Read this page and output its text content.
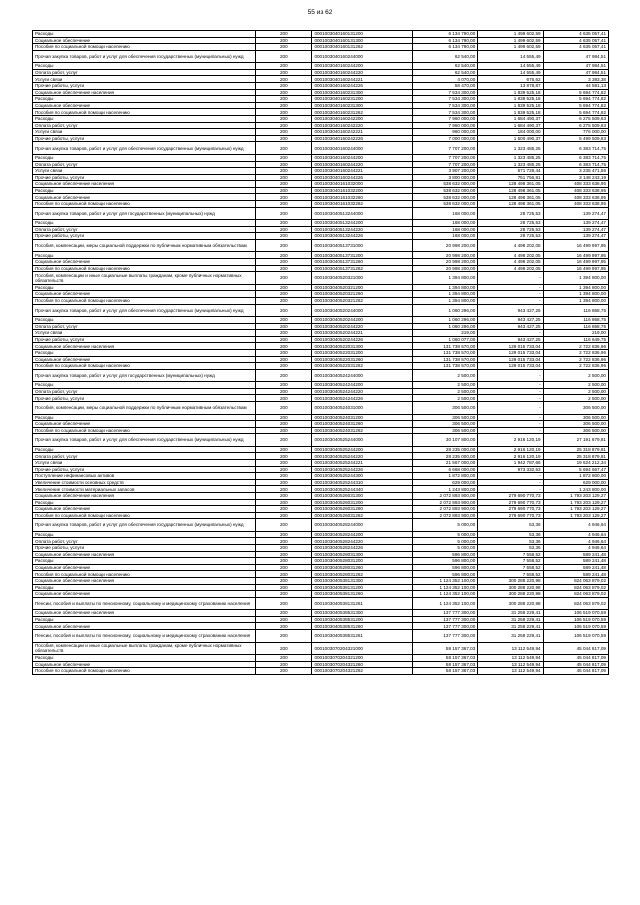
55 из 62
Расходы	200	0001003040160131200	6 134 790,00	1 499 602,59	4 635 057,41
Социальное обеспечение	200	0001003040160131300	6 134 790,00	1 499 602,59	4 635 057,41
Пособия по социальной помощи населению	200	0001003040160131262	6 134 790,00	1 499 602,59	4 635 057,41
Прочая закупка товаров, работ и услуг для обеспечения государственных (муниципальных) нужд	200	0001003040160244000	62 540,00	14 555,49	47 984,51
Расходы	200	0001003040160244200	62 540,00	14 555,49	47 984,51
Оплата работ, услуг	200	0001003040160244220	62 540,00	14 555,49	47 984,51
Услуги связи	200	0001003040160244221	4 070,00	676,62	3 393,38
Прочие работы, услуги	200	0001003040160244226	58 470,00	13 878,87	44 591,13
Социальное обеспечение населения	200	0001003040160231300	7 534 300,00	1 839 525,18	5 694 774,82
Расходы	200	0001003040160231200	7 534 300,00	1 839 525,18	5 694 774,82
Социальное обеспечение	200	0001003040160231300	7 534 300,00	1 839 525,18	5 694 774,82
Пособия по социальной помощи населению	200	0001003040160231262	7 534 300,00	1 839 525,18	5 694 774,82
Расходы	200	0001003040160242200	7 960 000,00	1 684 490,37	6 275 509,63
Оплата работ, услуг	200	0001003040160242220	7 960 000,00	1 684 490,37	6 275 509,63
Услуги связи	200	0001003040160242221	960 000,00	184 000,00	776 000,00
Прочие работы, услуги	200	0001003040160242226	7 000 000,00	1 500 490,37	5 499 509,63
Прочая закупка товаров, работ и услуг для обеспечения государственных (муниципальных) нужд	200	0001003040160244000	7 707 200,00	1 323 485,25	6 383 714,75
Расходы	200	0001003040160244200	7 707 200,00	1 323 485,25	6 383 714,75
Оплата работ, услуг	200	0001003040160244220	7 707 200,00	1 323 485,25	6 383 714,75
Услуги связи	200	0001003040160244221	3 907 200,00	571 728,44	3 235 471,56
Прочие работы, услуги	200	0001003040160244226	3 800 000,00	751 756,81	3 148 243,19
Социальное обеспечение населения	200	0001003040161032000	538 632 000,00	128 498 361,05	408 333 638,95
Расходы	200	0001003040161032200	538 632 000,00	128 498 361,05	408 333 638,95
Социальное обеспечение	200	0001003040161032260	538 632 000,00	128 498 361,05	408 333 638,95
Пособия по социальной помощи населению	200	0001003040161032262	538 632 000,00	128 498 361,05	408 333 638,95
Прочая закупка товаров, работ и услуг для государственных (муниципальных) нужд	200	0001003040513244000	168 000,00	28 725,53	139 274,47
Расходы	200	0001003040513244200	168 000,00	28 725,53	139 274,47
Оплата работ, услуг	200	0001003040513244220	168 000,00	28 725,53	139 274,47
Прочие работы, услуги	200	0001003040513244226	168 000,00	28 725,53	139 274,47
Пособия, компенсации, меры социальной поддержки по публичным нормативным обязательствам	200	0001003040513731000	20 998 200,00	4 498 202,05	16 499 997,95
Расходы	200	0001003040513731200	20 998 200,00	4 498 202,05	16 499 997,95
Социальное обеспечение	200	0001003040513731260	20 998 200,00	4 498 202,05	16 499 997,95
Пособия по социальной помощи населению	200	0001003040513731262	20 998 200,00	4 498 202,05	16 499 997,95
Пособия, компенсации и иные социальные выплаты гражданам, кроме публичных нормативных обязательств	200	0001003040520321000	1 394 800,00	-	1 394 800,00
Расходы	200	0001003040520321200	1 394 800,00	-	1 394 800,00
Социальное обеспечение	200	0001003040520321260	1 394 800,00	-	1 394 800,00
Пособия по социальной помощи населению	200	0001003040520321262	1 394 800,00	-	1 394 800,00
Прочая закупка товаров, работ и услуг для обеспечения государственных (муниципальных) нужд	200	0001003040520244000	1 060 296,00	943 427,25	116 868,75
Расходы	200	0001003040520244200	1 060 296,00	943 427,25	116 868,75
Оплата работ, услуг	200	0001003040520244220	1 060 296,00	943 427,25	116 868,75
Услуги связи	200	0001003040520244221	219,00	-	219,00
Прочие работы, услуги	200	0001003040520244226	1 060 077,00	943 427,25	116 649,75
Социальное обеспечение населения	200	0001003040522031300	131 738 570,00	129 015 733,04	2 722 836,96
Расходы	200	0001003040522031200	131 738 570,00	129 015 733,04	2 722 836,96
Социальное обеспечение	200	0001003040522031260	131 738 570,00	129 015 733,04	2 722 836,96
Пособия по социальной помощи населению	200	0001003040522031262	131 738 570,00	129 015 733,04	2 722 836,96
Прочая закупка товаров, работ и услуг для государственных (муниципальных) нужд	200	0001003040524244000	2 500,00	-	2 500,00
Расходы	200	0001003040524244200	2 500,00	-	2 500,00
Оплата работ, услуг	200	0001003040524244220	2 500,00	-	2 500,00
Прочие работы, услуги	200	0001003040524244226	2 500,00	-	2 500,00
Пособия, компенсации, меры социальной поддержки по публичным нормативным обязательствам	200	0001003040524031000	306 500,00	-	306 500,00
Расходы	200	0001003040524031200	306 500,00	-	306 500,00
Социальное обеспечение	200	0001003040524031260	306 500,00	-	306 500,00
Пособия по социальной помощи населению	200	0001003040524031262	306 500,00	-	306 500,00
Прочая закупка товаров, работ и услуг для обеспечения государственных (муниципальных) нужд	200	0001003040525244000	30 107 800,00	2 916 120,19	27 191 679,81
Расходы	200	0001003040525244200	28 235 000,00	2 916 120,19	25 318 879,81
Оплата работ, услуг	200	0001003040525244220	28 235 000,00	2 916 120,19	25 318 879,81
Услуги связи	200	0001003040525244221	21 567 000,00	1 942 787,66	19 624 212,34
Прочие работы, услуги	200	0001003040525244226	6 668 000,00	973 332,53	5 694 667,47
Поступление нефинансовых активов	200	0001003040525244300	1 872 800,00	-	1 872 800,00
Увеличение стоимости основных средств	200	0001003040525244310	629 000,00	-	629 000,00
Увеличение стоимости материальных запасов	200	0001003040525244340	1 243 800,00	-	1 243 800,00
Социальное обеспечение населения	200	0001003040526031300	2 072 893 900,00	279 690 770,73	1 793 203 129,27
Расходы	200	0001003040526031200	2 072 893 900,00	279 690 770,73	1 793 203 129,27
Социальное обеспечение	200	0001003040526031260	2 072 893 900,00	279 690 770,73	1 793 203 129,27
Пособия по социальной помощи населению	200	0001003040526031262	2 072 893 900,00	279 690 770,73	1 793 203 129,27
Прочая закупка товаров, работ и услуг для обеспечения государственных (муниципальных) нужд	200	0001003040528244000	5 000,00	53,36	4 946,64
Расходы	200	0001003040528244200	5 000,00	53,36	4 946,64
Оплата работ, услуг	200	0001003040528244220	5 000,00	53,36	4 946,64
Прочие работы, услуги	200	0001003040528244226	5 000,00	53,36	4 946,64
Социальное обеспечение населения	200	0001003040528031300	596 800,00	7 558,52	589 241,48
Расходы	200	0001003040528031200	596 800,00	7 558,52	589 241,48
Социальное обеспечение	200	0001003040528031260	596 800,00	7 558,52	589 241,48
Пособия по социальной помощи населению	200	0001003040528031262	596 800,00	7 558,52	589 241,48
Социальное обеспечение населения	200	0001003040538131300	1 124 352 100,00	300 288 220,98	824 063 879,02
Расходы	200	0001003040538131200	1 124 352 100,00	300 288 220,98	824 063 879,02
Социальное обеспечение	200	0001003040538131260	1 124 352 100,00	300 288 220,98	824 063 879,02
Пенсии, пособия и выплаты по пенсионному, социальному и медицинскому страхованию населения	200	0001003040538131261	1 124 352 100,00	300 288 220,98	824 063 879,02
Социальное обеспечение населения	200	0001003040538531300	137 777 300,00	31 258 229,41	106 519 070,59
Расходы	200	0001003040538531200	137 777 300,00	31 258 229,41	106 519 070,59
Социальное обеспечение	200	0001003040538531260	137 777 300,00	31 258 229,41	106 519 070,59
Пенсии, пособия и выплаты по пенсионному, социальному и медицинскому страхованию населения	200	0001003040538531261	137 777 300,00	31 258 229,41	106 519 070,59
Пособия, компенсации и иные социальные выплаты гражданам, кроме публичных нормативных обязательств	200	0001003070204321000	58 157 367,03	13 112 549,94	45 044 817,09
Расходы	200	0001003070204321200	58 157 367,03	13 112 549,94	45 044 817,09
Социальное обеспечение	200	0001003070204321260	58 157 367,03	13 112 549,94	45 044 817,09
Пособия по социальной помощи населению	200	0001003070204321262	58 157 367,03	13 112 549,94	45 044 817,09
